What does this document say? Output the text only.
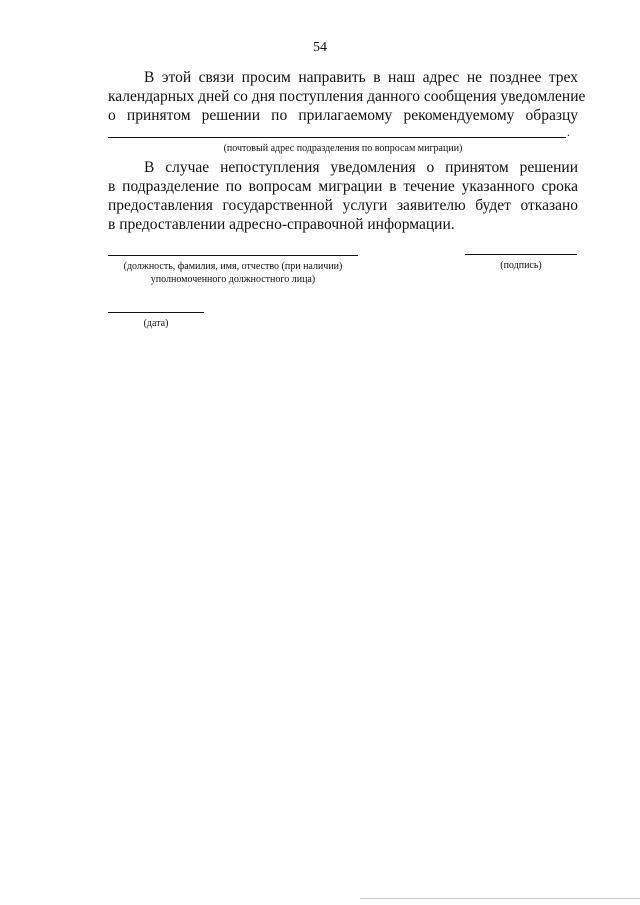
54
В этой связи просим направить в наш адрес не позднее трех
календарных дней со дня поступления данного сообщения уведомление
о принятом решении по прилагаемому рекомендуемому образцу
.
(почтовый адрес подразделения по вопросам миграции)
В случае непоступления уведомления о принятом решении
в подразделение по вопросам миграции в течение указанного срока
предоставления государственной услуги заявителю будет отказано
в предоставлении адресно-справочной информации.
(должность, фамилия, имя, отчество (при наличии)
уполномоченного должностного лица)
(подпись)
(дата)
